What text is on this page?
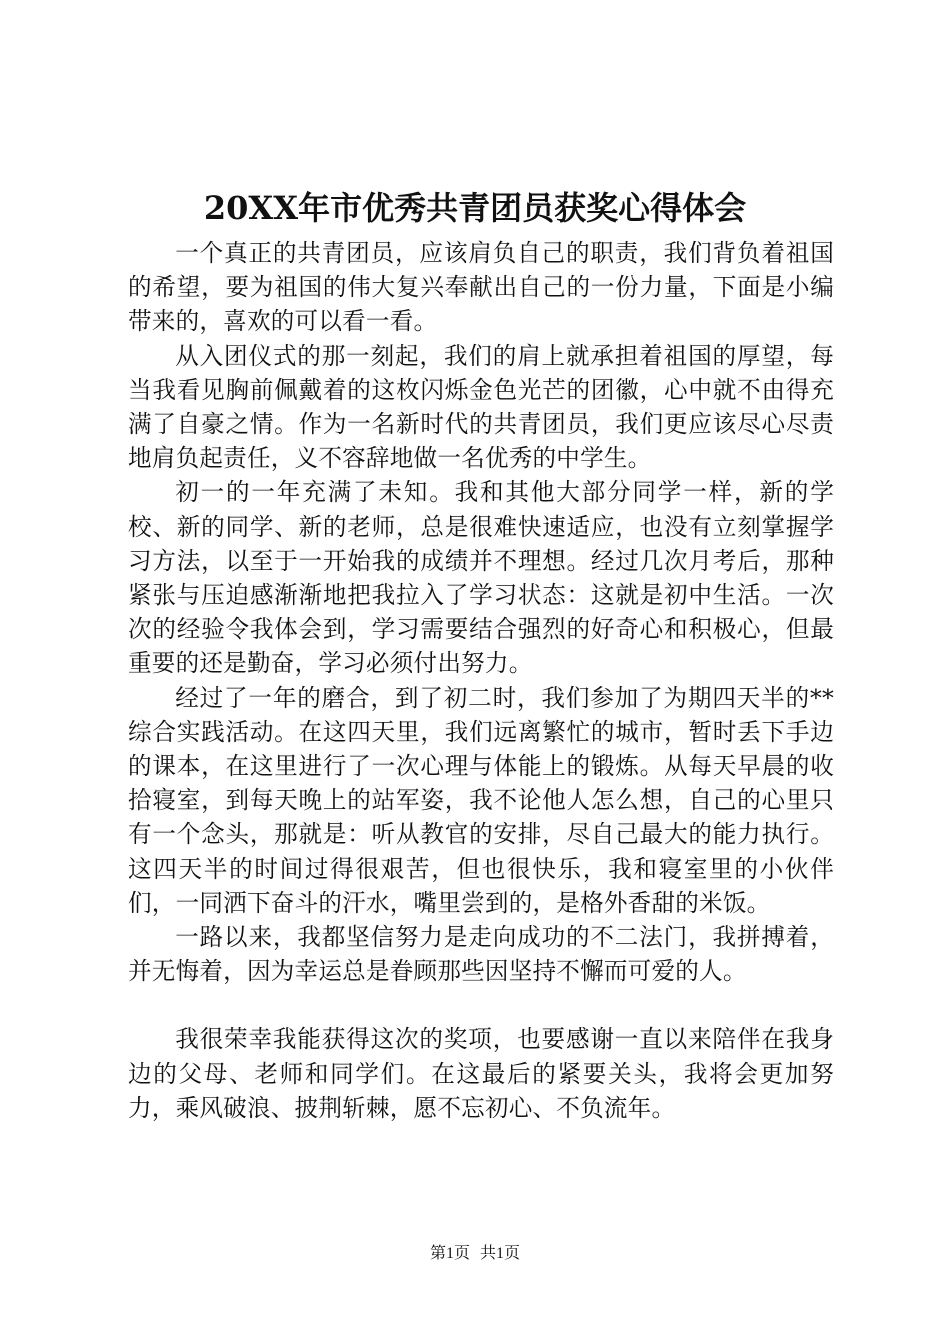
20XX年市优秀共青团员获奖心得体会

一个真正的共青团员，应该肩负自己的职责，我们背负着祖国的希望，要为祖国的伟大复兴奉献出自己的一份力量，下面是小编带来的，喜欢的可以看一看。

从入团仪式的那一刻起，我们的肩上就承担着祖国的厚望，每当我看见胸前佩戴着的这枚闪烁金色光芒的团徽，心中就不由得充满了自豪之情。作为一名新时代的共青团员，我们更应该尽心尽责地肩负起责任，义不容辞地做一名优秀的中学生。

初一的一年充满了未知。我和其他大部分同学一样，新的学校、新的同学、新的老师，总是很难快速适应，也没有立刻掌握学习方法，以至于一开始我的成绩并不理想。经过几次月考后，那种紧张与压迫感渐渐地把我拉入了学习状态：这就是初中生活。一次次的经验令我体会到，学习需要结合强烈的好奇心和积极心，但最重要的还是勤奋，学习必须付出努力。

经过了一年的磨合，到了初二时，我们参加了为期四天半的**综合实践活动。在这四天里，我们远离繁忙的城市，暂时丢下手边的课本，在这里进行了一次心理与体能上的锻炼。从每天早晨的收拾寝室，到每天晚上的站军姿，我不论他人怎么想，自己的心里只有一个念头，那就是：听从教官的安排，尽自己最大的能力执行。这四天半的时间过得很艰苦，但也很快乐，我和寝室里的小伙伴们，一同洒下奋斗的汗水，嘴里尝到的，是格外香甜的米饭。

一路以来，我都坚信努力是走向成功的不二法门，我拼搏着，并无悔着，因为幸运总是眷顾那些因坚持不懈而可爱的人。

我很荣幸我能获得这次的奖项，也要感谢一直以来陪伴在我身边的父母、老师和同学们。在这最后的紧要关头，我将会更加努力，乘风破浪、披荆斩棘，愿不忘初心、不负流年。

第1页 共1页
